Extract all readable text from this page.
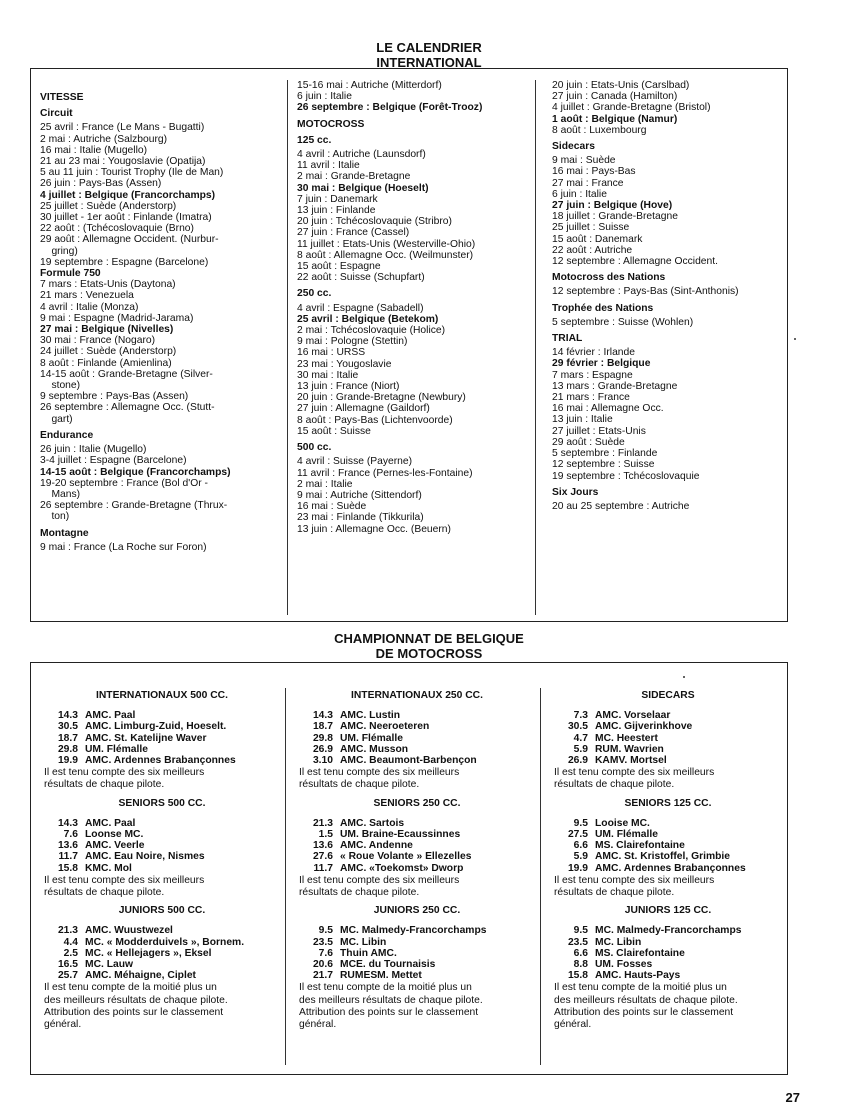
LE CALENDRIER
INTERNATIONAL
VITESSE
Circuit
25 avril : France (Le Mans - Bugatti)
2 mai : Autriche (Salzbourg)
16 mai : Italie (Mugello)
21 au 23 mai : Yougoslavie (Opatija)
5 au 11 juin : Tourist Trophy (Ile de Man)
26 juin : Pays-Bas (Assen)
4 juillet : Belgique (Francorchamps)
25 juillet : Suède (Anderstorp)
30 juillet - 1er août : Finlande (Imatra)
22 août : (Tchécoslovaquie (Brno)
29 août : Allemagne Occident. (Nurbur-
gring)
19 septembre : Espagne (Barcelone)
Formule 750
7 mars : Etats-Unis (Daytona)
21 mars : Venezuela
4 avril : Italie (Monza)
9 mai : Espagne (Madrid-Jarama)
27 mai : Belgique (Nivelles)
30 mai : France (Nogaro)
24 juillet : Suède (Anderstorp)
8 août : Finlande (Amienlina)
14-15 août : Grande-Bretagne (Silver-
stone)
9 septembre : Pays-Bas (Assen)
26 septembre : Allemagne Occ. (Stutt-
gart)
Endurance
26 juin : Italie (Mugello)
3-4 juillet : Espagne (Barcelone)
14-15 août : Belgique (Francorchamps)
19-20 septembre : France (Bol d'Or -
Mans)
26 septembre : Grande-Bretagne (Thrux-
ton)
Montagne
9 mai : France (La Roche sur Foron)
15-16 mai : Autriche (Mitterdorf)
6 juin : Italie
26 septembre : Belgique (Forêt-Trooz)
MOTOCROSS
125 cc.
4 avril : Autriche (Launsdorf)
11 avril : Italie
2 mai : Grande-Bretagne
30 mai : Belgique (Hoeselt)
7 juin : Danemark
13 juin : Finlande
20 juin : Tchécoslovaquie (Stribro)
27 juin : France (Cassel)
11 juillet : Etats-Unis (Westerville-Ohio)
8 août : Allemagne Occ. (Weilmunster)
15 août : Espagne
22 août : Suisse (Schupfart)
250 cc.
4 avril : Espagne (Sabadell)
25 avril : Belgique (Betekom)
2 mai : Tchécoslovaquie (Holice)
9 mai : Pologne (Stettin)
16 mai : URSS
23 mai : Yougoslavie
30 mai : Italie
13 juin : France (Niort)
20 juin : Grande-Bretagne (Newbury)
27 juin : Allemagne (Gaildorf)
8 août : Pays-Bas (Lichtenvoorde)
15 août : Suisse
500 cc.
4 avril : Suisse (Payerne)
11 avril : France (Pernes-les-Fontaine)
2 mai : Italie
9 mai : Autriche (Sittendorf)
16 mai : Suède
23 mai : Finlande (Tikkurila)
13 juin : Allemagne Occ. (Beuern)
20 juin : Etats-Unis (Carslbad)
27 juin : Canada (Hamilton)
4 juillet : Grande-Bretagne (Bristol)
1 août : Belgique (Namur)
8 août : Luxembourg
Sidecars
9 mai : Suède
16 mai : Pays-Bas
27 mai : France
6 juin : Italie
27 juin : Belgique (Hove)
18 juillet : Grande-Bretagne
25 juillet : Suisse
15 août : Danemark
22 août : Autriche
12 septembre : Allemagne Occident.
Motocross des Nations
12 septembre : Pays-Bas (Sint-Anthonis)
Trophée des Nations
5 septembre : Suisse (Wohlen)
TRIAL
14 février : Irlande
29 février : Belgique
7 mars : Espagne
13 mars : Grande-Bretagne
21 mars : France
16 mai : Allemagne Occ.
13 juin : Italie
27 juillet : Etats-Unis
29 août : Suède
5 septembre : Finlande
12 septembre : Suisse
19 septembre : Tchécoslovaquie
Six Jours
20 au 25 septembre : Autriche
CHAMPIONNAT DE BELGIQUE
DE MOTOCROSS
INTERNATIONAUX 500 CC.
14.3 AMC. Paal
30.5 AMC. Limburg-Zuid, Hoeselt.
18.7 AMC. St. Katelijne Waver
29.8 UM. Flémalle
19.9 AMC. Ardennes Brabançonnes
Il est tenu compte des six meilleurs
résultats de chaque pilote.
SENIORS 500 CC.
14.3 AMC. Paal
7.6 Loonse MC.
13.6 AMC. Veerle
11.7 AMC. Eau Noire, Nismes
15.8 KMC. Mol
Il est tenu compte des six meilleurs
résultats de chaque pilote.
JUNIORS 500 CC.
21.3 AMC. Wuustwezel
4.4 MC. « Modderduivels », Bornem.
2.5 MC. « Hellejagers », Eksel
16.5 MC. Lauw
25.7 AMC. Méhaigne, Ciplet
Il est tenu compte de la moitié plus un
des meilleurs résultats de chaque pilote.
Attribution des points sur le classement
général.
INTERNATIONAUX 250 CC.
14.3 AMC. Lustin
18.7 AMC. Neeroeteren
29.8 UM. Flémalle
26.9 AMC. Musson
3.10 AMC. Beaumont-Barbençon
Il est tenu compte des six meilleurs
résultats de chaque pilote.
SENIORS 250 CC.
21.3 AMC. Sartois
1.5 UM. Braine-Ecaussinnes
13.6 AMC. Andenne
27.6 « Roue Volante » Ellezelles
11.7 AMC. «Toekomst» Dworp
Il est tenu compte des six meilleurs
résultats de chaque pilote.
JUNIORS 250 CC.
9.5 MC. Malmedy-Francorchamps
23.5 MC. Libin
7.6 Thuin AMC.
20.6 MCE. du Tournaisis
21.7 RUMESM. Mettet
Il est tenu compte de la moitié plus un
des meilleurs résultats de chaque pilote.
Attribution des points sur le classement
général.
SIDECARS
7.3 AMC. Vorselaar
30.5 AMC. Gijverinkhove
4.7 MC. Heestert
5.9 RUM. Wavrien
26.9 KAMV. Mortsel
Il est tenu compte des six meilleurs
résultats de chaque pilote.
SENIORS 125 CC.
9.5 Looise MC.
27.5 UM. Flémalle
6.6 MS. Clairefontaine
5.9 AMC. St. Kristoffel, Grimbie
19.9 AMC. Ardennes Brabançonnes
Il est tenu compte des six meilleurs
résultats de chaque pilote.
JUNIORS 125 CC.
9.5 MC. Malmedy-Francorchamps
23.5 MC. Libin
6.6 MS. Clairefontaine
8.8 UM. Fosses
15.8 AMC. Hauts-Pays
Il est tenu compte de la moitié plus un
des meilleurs résultats de chaque pilote.
Attribution des points sur le classement
général.
27
